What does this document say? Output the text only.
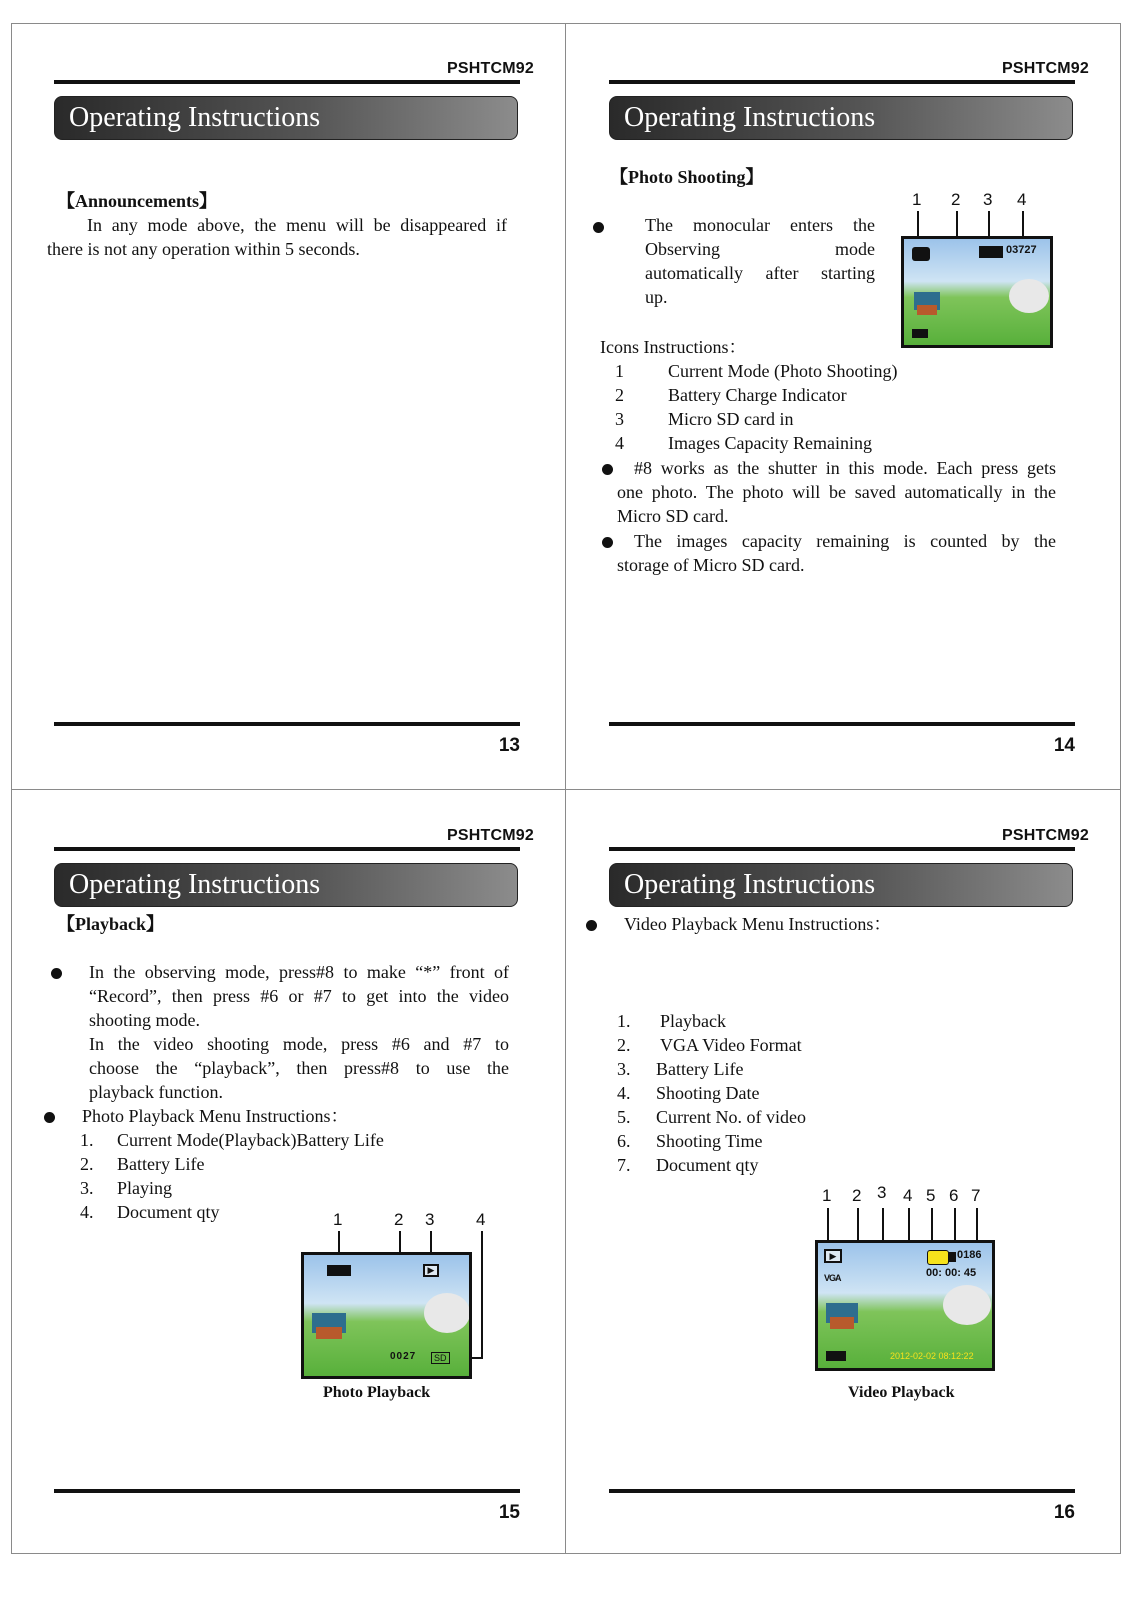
PSHTCM92
Operating Instructions
【Announcements】
In any mode above, the menu will be disappeared if
there is not any operation within 5 seconds.
13
PSHTCM92
Operating Instructions
【Photo Shooting】
The monocular enters the
Observing mode
automatically after starting
up.
1 2 3 4
03727
Icons Instructions：
1 Current Mode (Photo Shooting)
2 Battery Charge Indicator
3 Micro SD card in
4 Images Capacity Remaining
#8 works as the shutter in this mode. Each press gets
one photo. The photo will be saved automatically in the
Micro SD card.
The images capacity remaining is counted by the
storage of Micro SD card.
14
PSHTCM92
Operating Instructions
【Playback】
In the observing mode, press#8 to make “*” front of
“Record”, then press #6 or #7 to get into the video
shooting mode.
In the video shooting mode, press #6 and #7 to
choose the “playback”, then press#8 to use the
playback function.
Photo Playback Menu Instructions：
1. Current Mode(Playback)Battery Life
2. Battery Life
3. Playing
4. Document qty	1	2 3 4
▶
0027	SD
Photo Playback
15
PSHTCM92
Operating Instructions
Video Playback Menu Instructions：
1. Playback
2. VGA Video Format
3. Battery Life
4. Shooting Date
5. Current No. of video
6. Shooting Time
7. Document qty
1 2 3 4 5 6 7
▶
VGA
0186
00: 00: 45
2012-02-02 08:12:22
Video Playback
16
